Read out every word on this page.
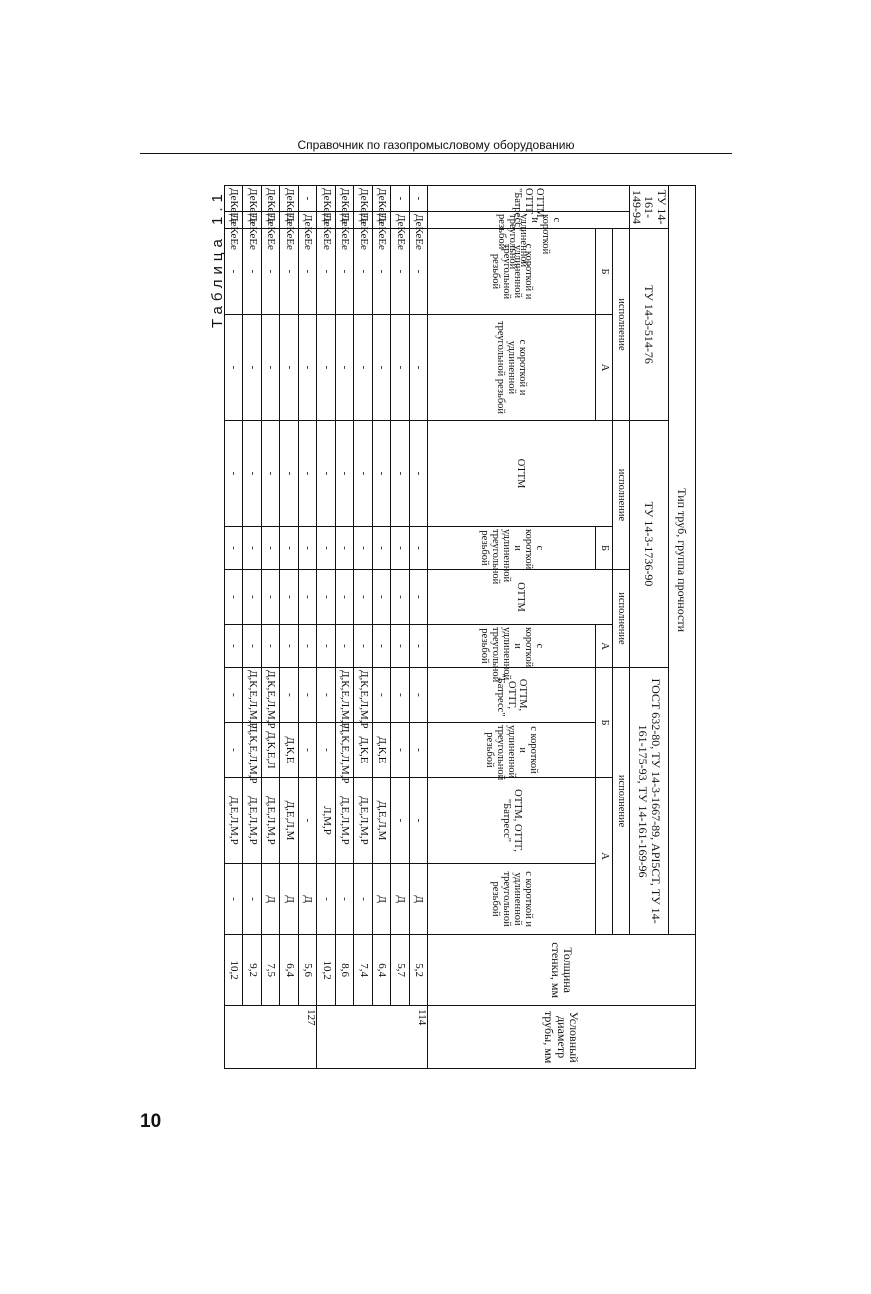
Справочник по газопромысловому оборудованию
Таблица 1.1
Тип труб, группа прочности												Толщина стенки, мм	Условный диаметр трубы, мм
ТУ 14-161-149-94		ТУ 14-3-514-76		ТУ 14-3-1736-90				ГОСТ 632-80, ТУ 14-3-1667-89, API5CT, ТУ 14-161-175-93, ТУ 14-161-169-96					
ОТТМ, ОТТГ, "Батресс"	с короткой и удлиненной треугольной резьбой	исполнение		исполнение		исполнение		исполнение					
		Б	А	ОТТМ	Б	ОТТМ	А	Б		А			
		с короткой и удлиненной треугольной резьбой	с короткой и удлиненной треугольной резьбой		с короткой и удлиненной треугольной резьбой		с короткой и удлиненной треугольной резьбой	ОТТМ, ОТТГ, "Батресс"	с короткой и удлиненной треугольной резьбой	ОТТМ, ОТТГ, "Батресс"	с короткой и удлиненной треугольной резьбой		
-	ДеКеЕе	-	-	-	-	-	-	-	-	-	Д	5,2	114
-	ДеКеЕе	-	-	-	-	-	-	-	-	-	Д	5,7	
ДеКеЕе	ДеКеЕе	-	-	-	-	-	-	-	Д,К,Е	Д,Е,Л,М	Д	6,4	
ДеКеЕе	ДеКеЕе	-	-	-	-	-	-	Д,К,Е,Л,М,Р	Д,К,Е	Д,Е,Л,М,Р	-	7,4	
ДеКеЕе	ДеКеЕе	-	-	-	-	-	-	Д,К,Е,Л,М,Р	Д,К,Е,Л,М,Р	Д,Е,Л,М,Р	-	8,6	
ДеКеЕе	ДеКеЕе	-	-	-	-	-	-	-	-	Л,М,Р	-	10,2	
-	ДеКеЕе	-	-	-	-	-	-	-	-	-	Д	5,6	127
ДеКеЕе	ДеКеЕе	-	-	-	-	-	-	-	Д,К,Е	Д,Е,Л,М	Д	6,4	
ДеКеЕе	ДеКеЕе	-	-	-	-	-	-	Д,К,Е,Л,М,Р	Д,К,Е,Л	Д,Е,Л,М,Р	Д	7,5	
ДеКеЕе	ДеКеЕе	-	-	-	-	-	-	Д,К,Е,Л,М,Р	Д,К,Е,Л,М,Р	Д,Е,Л,М,Р	-	9,2	
ДеКеЕе	ДеКеЕе	-	-	-	-	-	-	-	-	Д,Е,Л,М,Р	-	10,2	
10
